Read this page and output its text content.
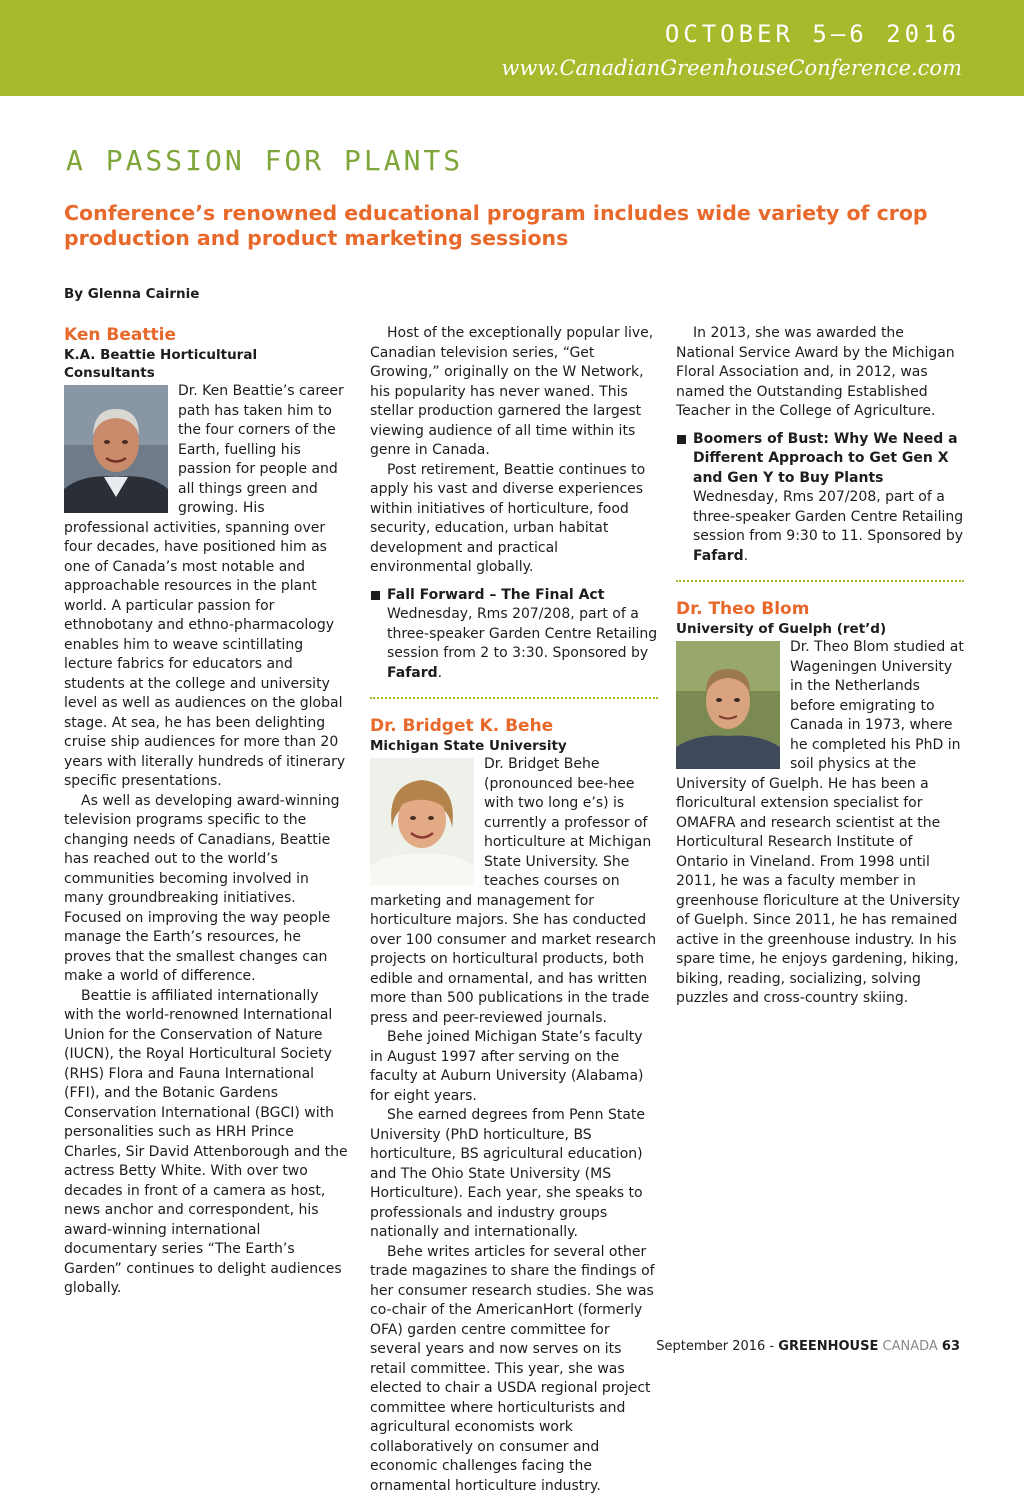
OCTOBER 5–6 2016
www.CanadianGreenhouseConference.com
A PASSION FOR PLANTS
Conference’s renowned educational program includes wide variety of crop production and product marketing sessions
By Glenna Cairnie
Ken Beattie
K.A. Beattie Horticultural Consultants

Dr. Ken Beattie’s career path has taken him to the four corners of the Earth, fuelling his passion for people and all things green and growing. His professional activities, spanning over four decades, have positioned him as one of Canada’s most notable and approachable resources in the plant world. A particular passion for ethnobotany and ethno-pharmacology enables him to weave scintillating lecture fabrics for educators and students at the college and university level as well as audiences on the global stage. At sea, he has been delighting cruise ship audiences for more than 20 years with literally hundreds of itinerary specific presentations.

As well as developing award-winning television programs specific to the changing needs of Canadians, Beattie has reached out to the world’s communities becoming involved in many groundbreaking initiatives. Focused on improving the way people manage the Earth’s resources, he proves that the smallest changes can make a world of difference.

Beattie is affiliated internationally with the world-renowned International Union for the Conservation of Nature (IUCN), the Royal Horticultural Society (RHS) Flora and Fauna International (FFI), and the Botanic Gardens Conservation International (BGCI) with personalities such as HRH Prince Charles, Sir David Attenborough and the actress Betty White. With over two decades in front of a camera as host, news anchor and correspondent, his award-winning international documentary series “The Earth’s Garden” continues to delight audiences globally.

Host of the exceptionally popular live, Canadian television series, “Get Growing,” originally on the W Network, his popularity has never waned. This stellar production garnered the largest viewing audience of all time within its genre in Canada.

Post retirement, Beattie continues to apply his vast and diverse experiences within initiatives of horticulture, food security, education, urban habitat development and practical environmental globally.

Fall Forward – The Final Act
Wednesday, Rms 207/208, part of a three-speaker Garden Centre Retailing session from 2 to 3:30. Sponsored by Fafard.
Dr. Bridget K. Behe
Michigan State University

Dr. Bridget Behe (pronounced bee-hee with two long e’s) is currently a professor of horticulture at Michigan State University. She teaches courses on marketing and management for horticulture majors. She has conducted over 100 consumer and market research projects on horticultural products, both edible and ornamental, and has written more than 500 publications in the trade press and peer-reviewed journals.

Behe joined Michigan State’s faculty in August 1997 after serving on the faculty at Auburn University (Alabama) for eight years.

She earned degrees from Penn State University (PhD horticulture, BS horticulture, BS agricultural education) and The Ohio State University (MS Horticulture). Each year, she speaks to professionals and industry groups nationally and internationally.

Behe writes articles for several other trade magazines to share the findings of her consumer research studies. She was co-chair of the AmericanHort (formerly OFA) garden centre committee for several years and now serves on its retail committee. This year, she was elected to chair a USDA regional project committee where horticulturists and agricultural economists work collaboratively on consumer and economic challenges facing the ornamental horticulture industry.

In 2013, she was awarded the National Service Award by the Michigan Floral Association and, in 2012, was named the Outstanding Established Teacher in the College of Agriculture.

Boomers of Bust: Why We Need a Different Approach to Get Gen X and Gen Y to Buy Plants
Wednesday, Rms 207/208, part of a three-speaker Garden Centre Retailing session from 9:30 to 11. Sponsored by Fafard.
Dr. Theo Blom
University of Guelph (ret’d)

Dr. Theo Blom studied at Wageningen University in the Netherlands before emigrating to Canada in 1973, where he completed his PhD in soil physics at the University of Guelph. He has been a floricultural extension specialist for OMAFRA and research scientist at the Horticultural Research Institute of Ontario in Vineland. From 1998 until 2011, he was a faculty member in greenhouse floriculture at the University of Guelph. Since 2011, he has remained active in the greenhouse industry. In his spare time, he enjoys gardening, hiking, biking, reading, socializing, solving puzzles and cross-country skiing.

September 2016 - GREENHOUSE CANADA 63
